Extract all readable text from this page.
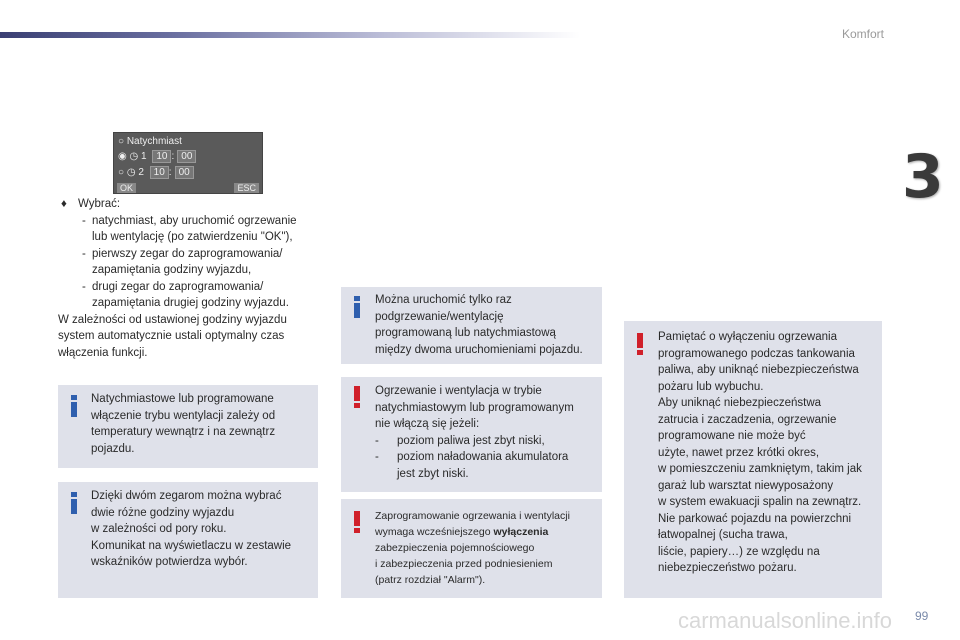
Komfort
3
99
carmanualsonline.info
○ Natychmiast
◉ ◷ 1 10 : 00
○ ◷ 2 10 : 00
OK	ESC
♦ Wybrać:
- natychmiast, aby uruchomić ogrzewanie
lub wentylację (po zatwierdzeniu "OK"),
- pierwszy zegar do zaprogramowania/
zapamiętania godziny wyjazdu,
- drugi zegar do zaprogramowania/
zapamiętania drugiej godziny wyjazdu.
W zależności od ustawionej godziny wyjazdu
system automatycznie ustali optymalny czas
włączenia funkcji.
Natychmiastowe lub programowane
włączenie trybu wentylacji zależy od
temperatury wewnątrz i na zewnątrz
pojazdu.
Dzięki dwóm zegarom można wybrać
dwie różne godziny wyjazdu
w zależności od pory roku.
Komunikat na wyświetlaczu w zestawie
wskaźników potwierdza wybór.
Można uruchomić tylko raz
podgrzewanie/wentylację
programowaną lub natychmiastową
między dwoma uruchomieniami pojazdu.
Ogrzewanie i wentylacja w trybie
natychmiastowym lub programowanym
nie włączą się jeżeli:
- poziom paliwa jest zbyt niski,
- poziom naładowania akumulatora
jest zbyt niski.
Zaprogramowanie ogrzewania i wentylacji
wymaga wcześniejszego wyłączenia
zabezpieczenia pojemnościowego
i zabezpieczenia przed podniesieniem
(patrz rozdział "Alarm").
Pamiętać o wyłączeniu ogrzewania
programowanego podczas tankowania
paliwa, aby uniknąć niebezpieczeństwa
pożaru lub wybuchu.
Aby uniknąć niebezpieczeństwa
zatrucia i zaczadzenia, ogrzewanie
programowane nie może być
użyte, nawet przez krótki okres,
w pomieszczeniu zamkniętym, takim jak
garaż lub warsztat niewyposażony
w system ewakuacji spalin na zewnątrz.
Nie parkować pojazdu na powierzchni
łatwopalnej (sucha trawa,
liście, papiery…) ze względu na
niebezpieczeństwo pożaru.
